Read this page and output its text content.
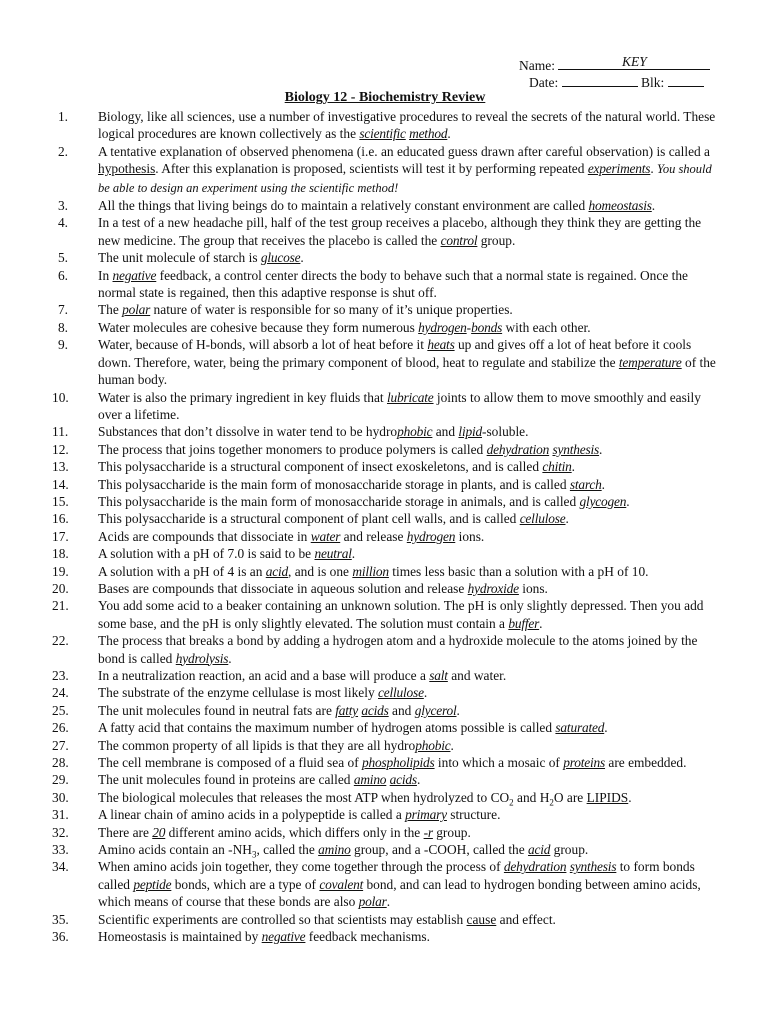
Name:	KEY
Date:	Blk:
Biology 12 - Biochemistry Review
1 . Biology, like all sciences, use a number of investigative procedures to reveal the secrets of the natural world. These logical procedures are known collectively as the scientific method.
2 . A tentative explanation of observed phenomena (i.e. an educated guess drawn after careful observation) is called a hypothesis. After this explanation is proposed, scientists will test it by performing repeated experiments. You should be able to design an experiment using the scientific method!
3 . All the things that living beings do to maintain a relatively constant environment are called homeostasis.
4 . In a test of a new headache pill, half of the test group receives a placebo, although they think they are getting the new medicine. The group that receives the placebo is called the control group.
5 . The unit molecule of starch is glucose.
6 . In negative feedback, a control center directs the body to behave such that a normal state is regained. Once the normal state is regained, then this adaptive response is shut off.
7 . The polar nature of water is responsible for so many of it’s unique properties.
8 . Water molecules are cohesive because they form numerous hydrogen-bonds with each other.
9 . Water, because of H-bonds, will absorb a lot of heat before it heats up and gives off a lot of heat before it cools down. Therefore, water, being the primary component of blood, heat to regulate and stabilize the temperature of the human body.
10 . Water is also the primary ingredient in key fluids that lubricate joints to allow them to move smoothly and easily over a lifetime.
11 . Substances that don’t dissolve in water tend to be hydrophobic and lipid-soluble.
12 . The process that joins together monomers to produce polymers is called dehydration synthesis.
13 . This polysaccharide is a structural component of insect exoskeletons, and is called chitin.
14 . This polysaccharide is the main form of monosaccharide storage in plants, and is called starch.
15 . This polysaccharide is the main form of monosaccharide storage in animals, and is called glycogen.
16 . This polysaccharide is a structural component of plant cell walls, and is called cellulose.
17 . Acids are compounds that dissociate in water and release hydrogen ions.
18 . A solution with a pH of 7.0 is said to be neutral.
19 . A solution with a pH of 4 is an acid, and is one million times less basic than a solution with a pH of 10.
20 . Bases are compounds that dissociate in aqueous solution and release hydroxide ions.
21 . You add some acid to a beaker containing an unknown solution. The pH is only slightly depressed. Then you add some base, and the pH is only slightly elevated. The solution must contain a buffer.
22 . The process that breaks a bond by adding a hydrogen atom and a hydroxide molecule to the atoms joined by the bond is called hydrolysis.
23 . In a neutralization reaction, an acid and a base will produce a salt and water.
24 . The substrate of the enzyme cellulase is most likely cellulose.
25 . The unit molecules found in neutral fats are fatty acids and glycerol.
26 . A fatty acid that contains the maximum number of hydrogen atoms possible is called saturated.
27 . The common property of all lipids is that they are all hydrophobic.
28 . The cell membrane is composed of a fluid sea of phospholipids into which a mosaic of proteins are embedded.
29 . The unit molecules found in proteins are called amino acids.
30 . The biological molecules that releases the most ATP when hydrolyzed to $CO_2$ and $H_2O$ are LIPIDS.
31 . A linear chain of amino acids in a polypeptide is called a primary structure.
32 . There are 20 different amino acids, which differs only in the -r group.
33 . Amino acids contain an $-NH_3$, called the amino group, and a -COOH, called the acid group.
34 . When amino acids join together, they come together through the process of dehydration synthesis to form bonds called peptide bonds, which are a type of covalent bond, and can lead to hydrogen bonding between amino acids, which means of course that these bonds are also polar.
35 . Scientific experiments are controlled so that scientists may establish cause and effect.
36 . Homeostasis is maintained by negative feedback mechanisms.
